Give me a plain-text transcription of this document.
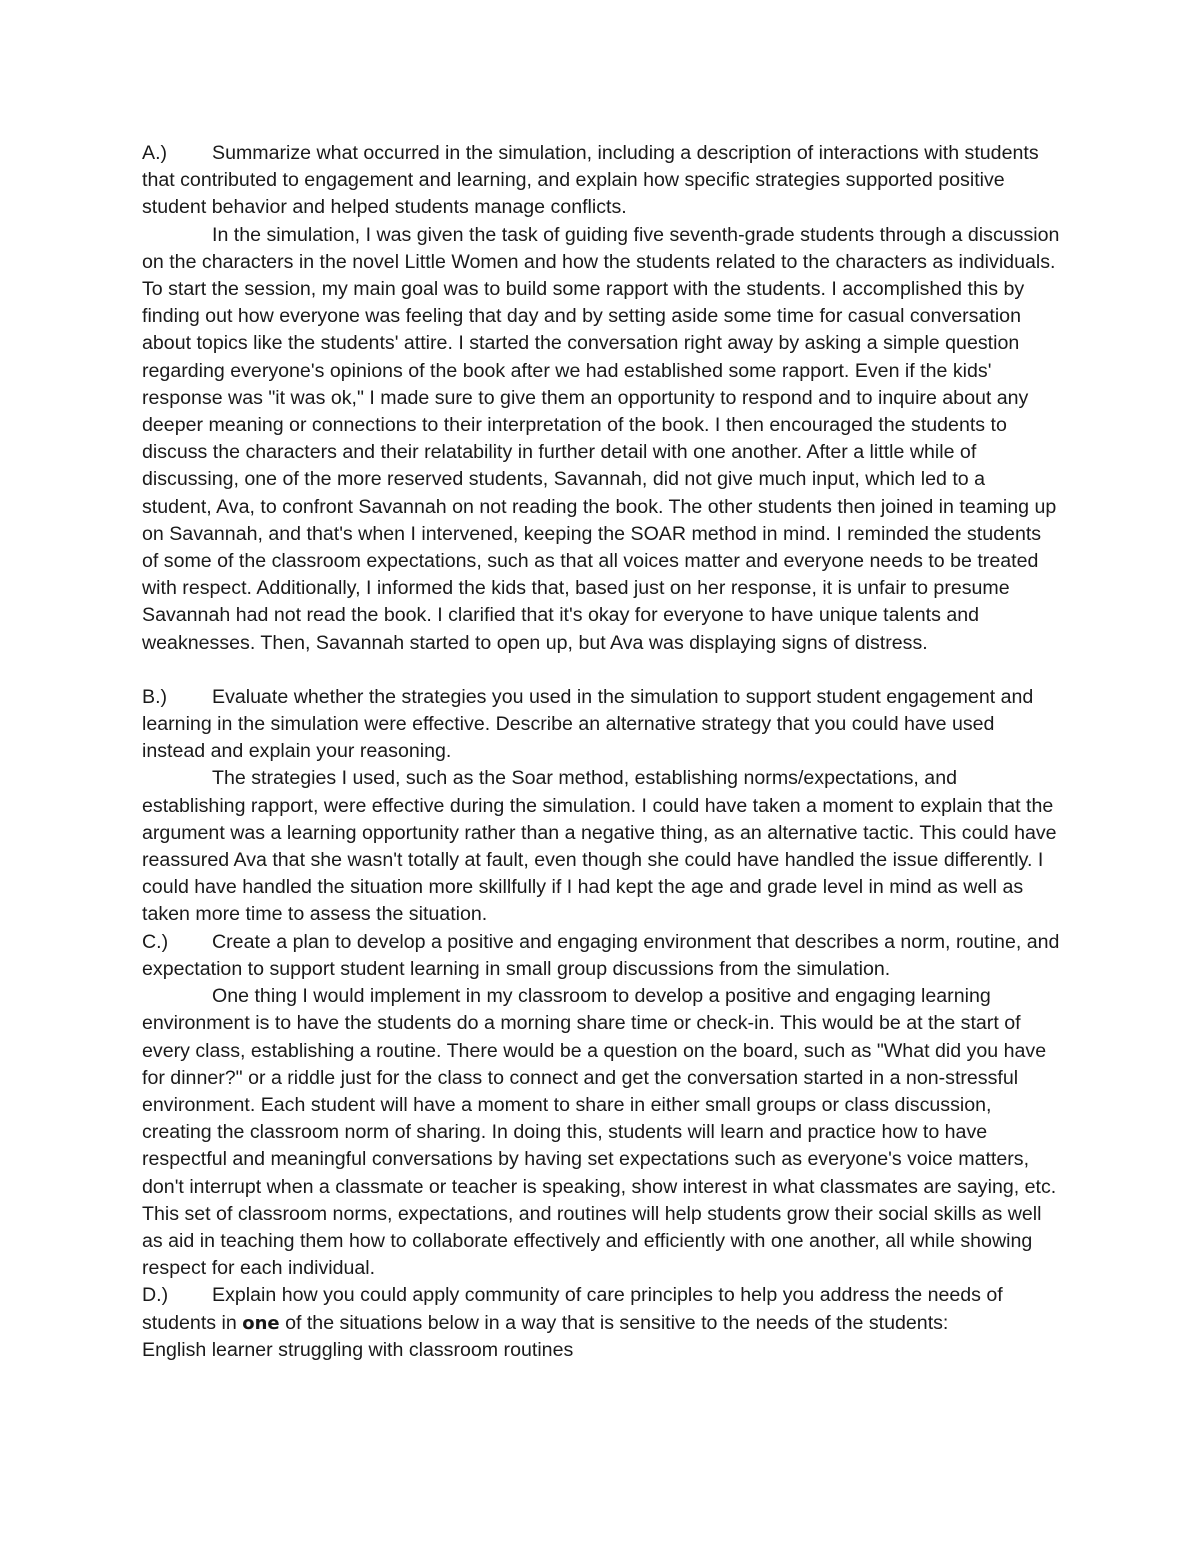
A.) Summarize what occurred in the simulation, including a description of interactions with students that contributed to engagement and learning, and explain how specific strategies supported positive student behavior and helped students manage conflicts.

In the simulation, I was given the task of guiding five seventh-grade students through a discussion on the characters in the novel Little Women and how the students related to the characters as individuals. To start the session, my main goal was to build some rapport with the students. I accomplished this by finding out how everyone was feeling that day and by setting aside some time for casual conversation about topics like the students' attire. I started the conversation right away by asking a simple question regarding everyone's opinions of the book after we had established some rapport. Even if the kids' response was "it was ok," I made sure to give them an opportunity to respond and to inquire about any deeper meaning or connections to their interpretation of the book. I then encouraged the students to discuss the characters and their relatability in further detail with one another. After a little while of discussing, one of the more reserved students, Savannah, did not give much input, which led to a student, Ava, to confront Savannah on not reading the book. The other students then joined in teaming up on Savannah, and that's when I intervened, keeping the SOAR method in mind. I reminded the students of some of the classroom expectations, such as that all voices matter and everyone needs to be treated with respect. Additionally, I informed the kids that, based just on her response, it is unfair to presume Savannah had not read the book. I clarified that it's okay for everyone to have unique talents and weaknesses. Then, Savannah started to open up, but Ava was displaying signs of distress.

B.) Evaluate whether the strategies you used in the simulation to support student engagement and learning in the simulation were effective. Describe an alternative strategy that you could have used instead and explain your reasoning.

The strategies I used, such as the Soar method, establishing norms/expectations, and establishing rapport, were effective during the simulation. I could have taken a moment to explain that the argument was a learning opportunity rather than a negative thing, as an alternative tactic. This could have reassured Ava that she wasn't totally at fault, even though she could have handled the issue differently. I could have handled the situation more skillfully if I had kept the age and grade level in mind as well as taken more time to assess the situation.

C.) Create a plan to develop a positive and engaging environment that describes a norm, routine, and expectation to support student learning in small group discussions from the simulation.

One thing I would implement in my classroom to develop a positive and engaging learning environment is to have the students do a morning share time or check-in. This would be at the start of every class, establishing a routine. There would be a question on the board, such as "What did you have for dinner?" or a riddle just for the class to connect and get the conversation started in a non-stressful environment. Each student will have a moment to share in either small groups or class discussion, creating the classroom norm of sharing. In doing this, students will learn and practice how to have respectful and meaningful conversations by having set expectations such as everyone's voice matters, don't interrupt when a classmate or teacher is speaking, show interest in what classmates are saying, etc. This set of classroom norms, expectations, and routines will help students grow their social skills as well as aid in teaching them how to collaborate effectively and efficiently with one another, all while showing respect for each individual.

D.) Explain how you could apply community of care principles to help you address the needs of students in one of the situations below in a way that is sensitive to the needs of the students:

English learner struggling with classroom routines
